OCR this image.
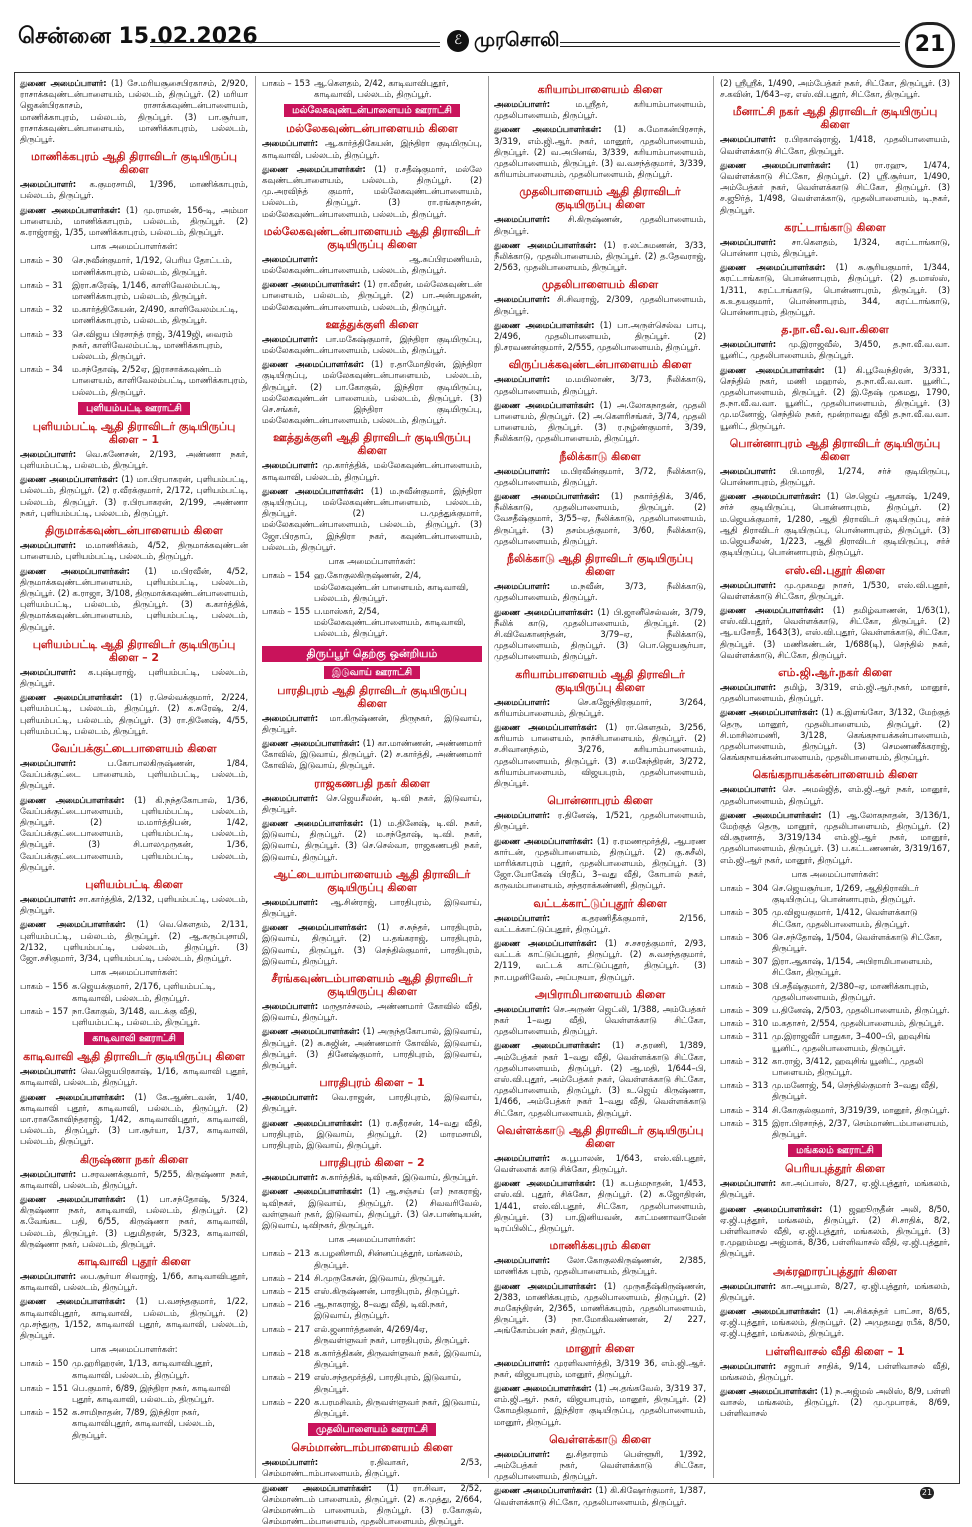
சென்னை 15.02.2026	ℰ முரசொலி	21

துணை அமைப்பாளர்: (1) சே.மரியசூசைபிரகாசம், 2/920, ராசாக்கவுண்டன்பாளையம், பல்லடம், திருப்பூர். (2) மரியா ஜெகன்பிரகாசம், ராசாக்கவுண்டன்பாளையம், மாணிக்காபுரம், பல்லடம், திருப்பூர். (3) பா.சூர்யா, ராசாக்கவுண்டன்பாளையம், மாணிக்காபுரம், பல்லடம், திருப்பூர்.

மாணிக்கபுரம் ஆதி திராவிடர் குடியிருப்பு கிளை

அமைப்பாளர்: க.குமரசாமி, 1/396, மாணிக்காபுரம், பல்லடம், திருப்பூர்.

துணை அமைப்பாளர்கள்: (1) மு.ராமன், 156-டி, அம்மா பாளையம், மாணிக்காபுரம், பல்லடம், திருப்பூர். (2) க.ராஜ்ராஜ், 1/35, மாணிக்காபுரம், பல்லடம், திருப்பூர்.

பாக அமைப்பாளர்கள்:
பாகம் – 30	செ.நவீன்குமார், 1/192, பெரிய தோட்டம், மாணிக்காபுரம், பல்லடம், திருப்பூர்.
பாகம் – 31	இரா.சுரேஷ், 1/146, காளிவேலம்பட்டி, மாணிக்காபுரம், பல்லடம், திருப்பூர்.
பாகம் – 32	ம.கார்த்திகேயன், 2/490, காளிவேலம்பட்டி, மாணிக்காபுரம், பல்லடம், திருப்பூர்.
பாகம் – 33	செ.விஜய பிரசாந்த் ராஜ், 3/419ஜி, வைரம் நகர், காளிவேலம்பட்டி, மாணிக்காபுரம், பல்லடம், திருப்பூர்.
பாகம் – 34	ம.சந்தோஷ், 2/52ஏ, இராசாக்கவுண்டம் பாளையம், காளிவேலம்பட்டி, மாணிக்காபுரம், பல்லடம், திருப்பூர்.
புளியம்பட்டி ஊராட்சி
புளியம்பட்டி ஆதி திராவிடர் குடியிருப்பு கிளை – 1

அமைப்பாளர்: வெ.கணேசன், 2/193, அண்ணா நகர், புளியம்பட்டி, பல்லடம், திருப்பூர்.

துணை அமைப்பாளர்கள்: (1) மா.பிரபாகரன், புளியம்பட்டி, பல்லடம், திருப்பூர். (2) ர.வீரக்குமார், 2/172, புளியம்பட்டி, பல்லடம், திருப்பூர். (3) ர.பிரபாகரன், 2/199, அண்ணா நகர், புளியம்பட்டி, பல்லடம், திருப்பூர்.

திருமாக்கவுண்டன்பாளையம் கிளை

அமைப்பாளர்: ம.மாணிக்கம், 4/52, திருமாக்கவுண்டன் பாளையம், புளியம்பட்டி, பல்லடம், திருப்பூர்.

துணை அமைப்பாளர்கள்: (1) ம.பிரவீன், 4/52, திருமாக்கவுண்டன்பாளையம், புளியம்பட்டி, பல்லடம், திருப்பூர். (2) க.ராஜா, 3/108, திருமாக்கவுண்டன்பாளையம், புளியம்பட்டி, பல்லடம், திருப்பூர். (3) க.கார்த்திக், திருமாக்கவுண்டன்பாளையம், புளியம்பட்டி, பல்லடம், திருப்பூர்.

புளியம்பட்டி ஆதி திராவிடர் குடியிருப்பு கிளை – 2

அமைப்பாளர்: க.புஷ்பராஜ், புளியம்பட்டி, பல்லடம், திருப்பூர்.

துணை அமைப்பாளர்கள்: (1) ர.செல்வக்குமார், 2/224, புளியம்பட்டி, பல்லடம், திருப்பூர். (2) க.சுரேஷ், 2/4, புளியம்பட்டி, பல்லடம், திருப்பூர். (3) ரா.தினேஷ், 4/55, புளியம்பட்டி, பல்லடம், திருப்பூர்.

வேப்பக்குட்டைபாளையம் கிளை

அமைப்பாளர்:	ப.கோபாலகிருஷ்ணன், 1/84, வேப்பக்குட்டை பாளையம், புளியம்பட்டி, பல்லடம், திருப்பூர்.

துணை அமைப்பாளர்கள்: (1) கி.நந்தகோபால், 1/36, வேப்பக்குட்டைபாளையம், புளியம்பட்டி, பல்லடம், திருப்பூர். (2) ம.மார்த்திபன், 1/42, வேப்பக்குட்டைபாளையம், புளியம்பட்டி, பல்லடம், திருப்பூர். (3) சி.பாலமுருகன், 1/36, வேப்பக்குட்டைபாளையம், புளியம்பட்டி, பல்லடம், திருப்பூர்.

புளியம்பட்டி கிளை

அமைப்பாளர்: சா.கார்த்திக், 2/132, புளியம்பட்டி, பல்லடம், திருப்பூர்.

துணை அமைப்பாளர்கள்: (1) வெ.கௌதம், 2/131, புளியம்பட்டி, பல்லடம், திருப்பூர். (2) ஆ.கருப்புசாமி, 2/132, புளியம்பட்டி, பல்லடம், திருப்பூர். (3) ஜோ.சசிகுமார், 3/34, புளியம்பட்டி, பல்லடம், திருப்பூர்.

பாக அமைப்பாளர்கள்:
பாகம் – 156 க.ஜெயக்குமார், 2/176, புளியம்பட்டி, காடிவாவி, பல்லடம், திருப்பூர்.
பாகம் – 157 நா.கோகுல், 3/148, வடக்கு வீதி, புளியம்பட்டி, பல்லடம், திருப்பூர்.
காடிவாவி ஊராட்சி
காடிவாவி ஆதி திராவிடர் குடியிருப்பு கிளை

அமைப்பாளர்: வெ.ஜெயபிரகாஷ், 1/16, காடிவாவி புதூர், காடிவாவி, பல்லடம், திருப்பூர்.

துணை அமைப்பாளர்கள்: (1) கே.ஆண்டவன், 1/40, காடிவாவி புதூர், காடிவாவி, பல்லடம், திருப்பூர். (2) மா.ராசுகோவிந்தராஜ், 1/42, காடிவாவிபுதூர், காடிவாவி, பல்லடம், திருப்பூர். (3) பா.சூர்யா, 1/37, காடிவாவி, பல்லடம், திருப்பூர்.

கிருஷ்ணா நகர் கிளை

அமைப்பாளர்: ப.சரவணக்குமார், 5/255, கிருஷ்ணா நகர், காடிவாவி, பல்லடம், திருப்பூர்.

துணை அமைப்பாளர்கள்: (1) பா.சந்தோஷ், 5/324, கிருஷ்ணா நகர், காடிவாவி, பல்லடம், திருப்பூர். (2) க.வேங்கட பதி, 6/55, கிருஷ்ணா நகர், காடிவாவி, பல்லடம், திருப்பூர். (3) பதுமிதரன், 5/323, காடிவாவி, கிருஷ்ணா நகர், பல்லடம், திருப்பூர்.

காடிவாவி புதூர் கிளை

அமைப்பாளர்: பை.சூர்யா சிவராஜ், 1/66, காடிவாவிபுதூர், காடிவாவி, பல்லடம், திருப்பூர்.

துணை அமைப்பாளர்கள்: (1) ப.வசந்தகுமார், 1/22, காடிவாவிபுதூர், காடிவாவி, பல்லடம், திருப்பூர். (2) மு.சந்துரு, 1/152, காடிவாவி புதூர், காடிவாவி, பல்லடம், திருப்பூர்.

பாக அமைப்பாளர்கள்:
பாகம் – 150 மு.ஹரிஹரன், 1/13, காடிவாவிபுதூர், காடிவாவி, பல்லடம், திருப்பூர்.
பாகம் – 151 பெ.குமார், 6/89, இந்திரா நகர், காடிவாவி புதூர், காடிவாவி, பல்லடம், திருப்பூர்.
பாகம் – 152 க.சாமிநாதன், 7/89, இந்திரா நகர், காடிவாவிபுதூர், காடிவாவி, பல்லடம், திருப்பூர்.
பாகம் – 153 ஆ.கௌதம், 2/42, காடிவாவிபுதூர், காடிவாவி, பல்லடம், திருப்பூர்.
மல்லேகவுண்டன்பாளையம் ஊராட்சி
மல்லேகவுண்டன்பாளையம் கிளை

அமைப்பாளர்: ஆ.கார்த்திகேயன், இந்திரா குடியிருப்பு, காடிவாவி, பல்லடம், திருப்பூர்.

துணை அமைப்பாளர்கள்: (1) ர.சதீஷ்குமார், மல்லே கவுண்டன்பாளையம், பல்லடம், திருப்பூர். (2) மு.அரவிந்த் குமார், மல்லேகவுண்டன்பாளையம், பல்லடம், திருப்பூர். (3) ரா.ரங்கநாதன், மல்லேகவுண்டன்பாளையம், பல்லடம், திருப்பூர்.

மல்லேகவுண்டன்பாளையம் ஆதி திராவிடர் குடியிருப்பு கிளை

அமைப்பாளர்:	ஆ.சுப்பிரமணியம், மல்லேகவுண்டன்பாளையம், பல்லடம், திருப்பூர்.

துணை அமைப்பாளர்கள்: (1) ரா.வீரன், மல்லேகவுண்டன் பாளையம், பல்லடம், திருப்பூர். (2) பா.அன்பழகன், மல்லேகவுண்டன்பாளையம், பல்லடம், திருப்பூர்.

ஊத்துக்குளி கிளை

அமைப்பாளர்: பா.மகேஷ்குமார், இந்திரா குடியிருப்பு, மல்லேகவுண்டன்பாளையம், பல்லடம், திருப்பூர்.

துணை அமைப்பாளர்கள்: (1) ர.தாமோதிரன், இந்திரா குடியிருப்பு, மல்லேகவுண்டன்பாளையம், பல்லடம், திருப்பூர். (2) பா.கோகுல், இந்திரா குடியிருப்பு, மல்லேகவுண்டன் பாளையம், பல்லடம், திருப்பூர். (3) செ.சங்கர், இந்திரா குடியிருப்பு, மல்லேகவுண்டன்பாளையம், பல்லடம், திருப்பூர்.

ஊத்துக்குளி ஆதி திராவிடர் குடியிருப்பு கிளை

அமைப்பாளர்: மு.கார்த்திக், மல்லேகவுண்டன்பாளையம், காடிவாவி, பல்லடம், திருப்பூர்.

துணை அமைப்பாளர்கள்: (1) ம.நவீன்குமார், இந்திரா குடியிருப்பு, மல்லேகவுண்டன்பாளையம், பல்லடம், திருப்பூர். (2) ப.முத்துக்குமார், மல்லேகவுண்டன்பாளையம், பல்லடம், திருப்பூர். (3) ஜோ.பிரதாப், இந்திரா நகர், கவுண்டன்பாளையம், பல்லடம், திருப்பூர்.

பாக அமைப்பாளர்கள்:
பாகம் – 154 ஹ.கோகுலகிருஷ்ணன், 2/4, மல்லேகவுண்டன் பாளையம், காடிவாவி, பல்லடம், திருப்பூர்.
பாகம் – 155 ப.மாஸ்கர், 2/54, மல்லேகவுண்டன்பாளையம், காடிவாவி, பல்லடம், திருப்பூர்.
திருப்பூர் தெற்கு ஒன்றியம்
இடுவாய் ஊராட்சி
பாரதிபுரம் ஆதி திராவிடர் குடியிருப்பு கிளை

அமைப்பாளர்: மா.கிருஷ்ணன், திருநகர், இடுவாய், திருப்பூர்.

துணை அமைப்பாளர்கள்: (1) கா.மாண்ணன், அண்ணமார் கோவில், இடுவாய், திருப்பூர். (2) ச.கார்த்தி, அண்ணமார் கோவில், இடுவாய், திருப்பூர்.

ராஜகணபதி நகர் கிளை

அமைப்பாளர்: செ.ஜெயசீலன், டி.வி நகர், இடுவாய், திருப்பூர்.

துணை அமைப்பாளர்கள்: (1) ம.தினேஷ், டி.வி. நகர், இடுவாய், திருப்பூர். (2) ம.சந்தோஷ், டி.வி. நகர், இடுவாய், திருப்பூர். (3) செ.செல்வா, ராஜகணபதி நகர், இடுவாய், திருப்பூர்.

ஆட்டையாம்பாளையம் ஆதி திராவிடர் குடியிருப்பு கிளை

அமைப்பாளர்: ஆ.சின்ராஜ், பாரதிபுரம், இடுவாய், திருப்பூர்.

துணை அமைப்பாளர்கள்: (1) ச.சுந்தர், பாரதிபுரம், இடுவாய், திருப்பூர். (2) ப.தங்கராஜ், பாரதிபுரம், இடுவாய், திருப்பூர். (3) செந்தில்குமார், பாரதிபுரம், இடுவாய், திருப்பூர்.

சீரங்கவுண்டம்பாளையம் ஆதி திராவிடர் குடியிருப்பு கிளை

அமைப்பாளர்: மருதாச்சலம், அண்ணமார் கோவில் வீதி, இடுவாய், திருப்பூர்.

துணை அமைப்பாளர்கள்: (1) அருந்தகோபால், இடுவாய், திருப்பூர். (2) சு.சுஜின், அண்ணமார் கோவில், இடுவாய், திருப்பூர். (3) தினேஷ்குமார், பாரதிபுரம், இடுவாய், திருப்பூர்.

பாரதிபுரம் கிளை – 1

அமைப்பாளர்: வெ.ராஜன், பாரதிபுரம், இடுவாய், திருப்பூர்.

துணை அமைப்பாளர்கள்: (1) ர.சுதீரசன், 14–வது வீதி, பாரதிபுரம், இடுவாய், திருப்பூர். (2) மாரமசாமி, பாரதிபுரம், இடுவாய், திருப்பூர்.

பாரதிபுரம் கிளை – 2

அமைப்பாளர்: சு.கார்த்திக், டிவிநகர், இடுவாய், திருப்பூர்.

துணை அமைப்பாளர்கள்: (1) ஆ.சஞ்சய் (எ) நாகராஜ், டிவிநகர், இடுவாய், திருப்பூர். (2) சிவவரிவேல், வள்ளுவர் நகர், இடுவாய், திருப்பூர். (3) செ.பாண்டியன், இடுவாய், டிவிநகர், திருப்பூர்.

பாக அமைப்பாளர்கள்:
பாகம் – 213 க.பழனிசாமி, சின்னப்புத்தூர், மங்கலம், திருப்பூர்.
பாகம் – 214 சி.முருகேசன், இடுவாய், திருப்பூர்.
பாகம் – 215 எஸ்.கிருஷ்ணன், பாரதிபுரம், திருப்பூர்.
பாகம் – 216 ஆ.நாகராஜ், 8–வது வீதி, டிவி.நகர், இடுவாய், திருப்பூர்.
பாகம் – 217 எல்.ஜனார்த்தனன், 4/269/4ஏ, திருவள்ளுவர் நகர், பாரதிபுரம், திருப்பூர்.
பாகம் – 218 க.கார்த்திகன், திருவள்ளுவர் நகர், இடுவாய், திருப்பூர்.
பாகம் – 219 எஸ்.சந்தமூர்த்தி, பாரதிபுரம், இடுவாய், திருப்பூர்.
பாகம் – 220 க.பரமசிவம், திருவள்ளுவர் நகர், இடுவாய், திருப்பூர்.
முதலிபாளையம் ஊராட்சி
செம்மாண்டாம்பாளையம் கிளை

அமைப்பாளர்:	ர.திவாகர், 2/53, செம்மாண்டாம்பாளையம், திருப்பூர்.

துணை அமைப்பாளர்கள்: (1) ரா.சிவா, 2/52, செம்மாண்டம் பாளையம், திருப்பூர். (2) க.முத்து, 2/664, செம்மாண்டம் பாளையம், திருப்பூர். (3) ர.கோகுல், செம்மாண்டம்பாளையம், முதலிபாளையம், திருப்பூர்.

கரியாம்பாளையம் கிளை

அமைப்பாளர்:	ம.ஸ்ரீதர், கரியாம்பாளையம், முதலிபாளையம், திருப்பூர்.

துணை அமைப்பாளர்கள்: (1) சு.மோகன்பிரசாந், 3/319, எம்.ஜி.ஆர். நகர், மானூர், முதலிபாளையம், திருப்பூர். (2) வ.அபினவ், 3/339, கரியாம்பாளையம், முதலிபாளையம், திருப்பூர். (3) வ.வசந்த்குமார், 3/339, கரியாம்பாளையம், முதலிபாளையம், திருப்பூர்.

முதலிபாளையம் ஆதி திராவிடர் குடியிருப்பு கிளை

அமைப்பாளர்: சி.கிருஷ்ணன், முதலிபாளையம், திருப்பூர்.

துணை அமைப்பாளர்கள்: (1) ர.லட்சுமணன், 3/33, நீலிக்காடு, முதலிபாளையம், திருப்பூர். (2) த.தேவராஜ், 2/563, முதலிபாளையம், திருப்பூர்.

முதலிபாளையம் கிளை

அமைப்பாளர்: சி.சிவராஜ், 2/309, முதலிபாளையம், திருப்பூர்.

துணை அமைப்பாளர்கள்: (1) பா.அருள்செல்வ பாபு, 2/496, முதலிபாளையம், திருப்பூர். (2) நி.சரவணன்குமார், 2/555, முதலிபாளையம், திருப்பூர்.

விருப்பக்கவுண்டன்பாளையம் கிளை

அமைப்பாளர்: ம.மயிலாண், 3/73, நீலிக்காடு, முதலிபாளையம், திருப்பூர்.

துணை அமைப்பாளர்கள்: (1) அ.லோகநாதன், முதலி பாளையம், திருப்பூர். (2) அ.கௌரிசங்கர், 3/74, முதலி பாளையம், திருப்பூர். (3) ர.நழ்ண்குமார், 3/39, நீலிக்காடு, முதலிபாளையம், திருப்பூர்.

நீலிக்காடு கிளை

அமைப்பாளர்: ம.பிரவீன்குமார், 3/72, நீலிக்காடு, முதலிபாளையம், திருப்பூர்.

துணை அமைப்பாளர்கள்: (1) நகார்த்திக், 3/46, நீலிக்காடு, முதலிபாளையம், திருப்பூர். (2) வேசதீஷ்குமார், 3/55–ஏ, நீலிக்காடு, முதலிபாளையம், திருப்பூர். (3) தசம்பத்குமார், 3/60, நீலிக்காடு, முதலிபாளையம், திருப்பூர்.

நீலிக்காடு ஆதி திராவிடர் குடியிருப்பு கிளை

அமைப்பாளர்: ம.நவீன், 3/73, நீலிக்காடு, முதலிபாளையம், திருப்பூர்.

துணை அமைப்பாளர்கள்: (1) பி.ஜானீசெல்வன், 3/79, நீலிக் காடு, முதலிபாளையம், திருப்பூர். (2) சி.விவேகானந்தன், 3/79–ஏ, நீலிக்காடு, முதலிபாளையம், திருப்பூர். (3) பொ.ஜெயசூர்யா, முதலிபாளையம், திருப்பூர்.

கரியாம்பாளையம் ஆதி திராவிடர் குடியிருப்பு கிளை

அமைப்பாளர்:	செ.கஜேந்திரகுமார், 3/264, கரியாம்பாளையம், திருப்பூர்.

துணை அமைப்பாளர்கள்: (1) ரா.கௌதம், 3/256, கரியாம் பாளையம், நாச்சிபாளையம், திருப்பூர். (2) ச.சிவானந்தம், 3/276, கரியாம்பாளையம், முதலிபாளையம், திருப்பூர். (3) ச.மகேந்திரன், 3/272, கரியாம்பாளையம், விஜயபுரம், முதலிபாளையம், திருப்பூர்.

பொன்னாபுரம் கிளை

அமைப்பாளர்: ர.தினேஷ், 1/521, முதலிபாளையம், திருப்பூர்.

துணை அமைப்பாளர்கள்: (1) ர.ரமணமூர்த்தி, ஆபரண கார்டன், முதலிபாளையம், திருப்பூர். (2) கு.சுசீலி, மாரிக்காபுரம் புதூர், முதலிபாளையம், திருப்பூர். (3) ஜோ.யோகேஷ் பிரதீப், 3–வது வீதி, கோபால் நகர், கருவம்பாளையம், சந்தராக்கண்ணி, திருப்பூர்.

வட்டக்காட்டுப்புதூர் கிளை

அமைப்பாளர்:	க.தரணிதீக்குமார், 2/156, வட்டக்காட்டுப்புதூர், திருப்பூர்.

துணை அமைப்பாளர்கள்: (1) ச.சசரத்குமார், 2/93, வட்டக் காட்டுப்புதூர், திருப்பூர். (2) சு.வசந்தகுமார், 2/119, வட்டக் காட்டுப்புதூர், திருப்பூர். (3) நா.பழனிவேல், அப்பநயா, திருப்பூர்.

அபிராமிபாளையம் கிளை

அமைப்பாளர்: செ.அருண் ஜெட்லி, 1/388, அம்பேத்கர் நகர் 1–வது வீதி, வெள்ளக்காடு சிட்கோ, முதலிபாளையம், திருப்பூர்.

துணை அமைப்பாளர்கள்: (1) ச.தரணி, 1/389, அம்பேத்கர் நகர் 1–வது வீதி, வெள்ளக்காடு சிட்கோ, முதலிபாளையம், திருப்பூர். (2) ஆ.மதி, 1/644–பி, எஸ்.வி.புதூர், அம்பேத்கர் நகர், வெள்ளக்காடு சிட்கோ, முதலிபாளையம், திருப்பூர். (3) உ.ஜெய் கிருஷ்ணா, 1/466, அம்பேத்கர் நகர் 1–வது வீதி, வெள்ளக்காடு சிட்கோ, முதலிபாளையம், திருப்பூர்.

வெள்ளக்காடு ஆதி திராவிடர் குடியிருப்பு கிளை

அமைப்பாளர்: சு.பூபாலன், 1/643, எஸ்.வி.புதூர், வெள்ளைக் காடு சிக்கோ, திருப்பூர்.

துணை அமைப்பாளர்கள்: (1) க.பத்மநாதன், 1/453, எஸ்.வி. புதூர், சிக்கோ, திருப்பூர். (2) க.ஜோதிரன், 1/441, எஸ்.வி.புதூர், சிட்கோ, முதலிபாளையம், திருப்பூர். (3) பா.இனியவன், காட்மணாவாமேன் டிரப்பிலிட், திருப்பூர்.

மாணிக்கபுரம் கிளை

அமைப்பாளர்: லோ.கோகுலகிருஷ்ணன், 2/385, மாணிக்க புரம், முதலிபாளையம், திருப்பூர்.

துணை அமைப்பாளர்கள்: (1) முருகதீஷ்கிருஷ்ணன், 2/383, மாணிக்கபுரம், முதலிபாளையம், திருப்பூர். (2) சமகேந்திரன், 2/365, மாணிக்கபுரம், முதலிபாளையம், திருப்பூர். (3) நா.மோகிவண்ணன், 2/ 227, அங்கோம்பன் நகர், திருப்பூர்.

மானூர் கிளை

அமைப்பாளர்: முரளிவளர்த்தி, 3/319 36, எம்.ஜி.ஆர். நகர், விஜயாபுரம், மானூர், திருப்பூர்.

துணை அமைப்பாளர்கள்: (1) அ.தங்கவேல், 3/319 37, எம்.ஜி.ஆர். நகர், விஜயாபுரம், மானூர், திருப்பூர். (2) கோமதிகுமார், இந்திரா குடியிருப்பு, முதலிபாளையம், மானூர், திருப்பூர்.

வெள்ளக்காடு கிளை

அமைப்பாளர்: து.சிதாராம் பெள்ளூரி, 1/392, அம்பேத்கர் நகர், வெள்ளக்காடு சிட்கோ, முதலிபாளையம், திருப்பூர்.

துணை அமைப்பாளர்கள்: (1) கி.கிஷோர்குமார், 1/387, வெள்ளக்காடு சிட்கோ, முதலிபாளையம், திருப்பூர்.

(2) ஸ்ரீஸ்ரீக், 1/490, அம்பேத்கர் நகர், சிட்கோ, திருப்பூர். (3) ச.கவின், 1/643–ஏ, எஸ்.வி.புதூர், சிட்கோ, திருப்பூர்.

மீனாட்சி நகர் ஆதி திராவிடர் குடியிருப்பு கிளை

அமைப்பாளர்: ர.பிரகாஷ்ராஜ், 1/418, முதலிபாளையம், வெள்ளக்காடு சிட்கோ, திருப்பூர்.

துணை அமைப்பாளர்கள்: (1) ரா.ரஹு, 1/474, வெள்ளக்காடு சிட்கோ, திருப்பூர். (2) ஸ்ரீ.சூர்யா, 1/490, அம்பேத்கர் நகர், வெள்ளக்காடு சிட்கோ, திருப்பூர். (3) ச.ஜூர்த், 1/498, வெள்ளக்காடு, முதலிபாளையம், டி.நகர், திருப்பூர்.

கரட்டாங்காடு கிளை

அமைப்பாளர்: சா.கௌதம், 1/324, கரட்டாங்காடு, பொன்னா புரம், திருப்பூர்.

துணை அமைப்பாளர்கள்: (1) சு.சூரியகுமார், 1/344, கரட்டாங்காடு, பொன்னாபுரம், திருப்பூர். (2) த.மாஸ்ஸ், 1/311, கரட்டாங்காடு, பொன்னாபுரம், திருப்பூர். (3) க.உதயகுமார், பொன்னாபுரம், 344, கரட்டாங்காடு, பொன்னாபுரம், திருப்பூர்.

த.நா.வீ.வ.வா.கிளை

அமைப்பாளர்: மு.இராஜவீல், 3/450, த.நா.வீ.வ.வா. யூனிட், முதலிபாளையம், திருப்பூர்.

துணை அமைப்பாளர்கள்: (1) கி.பூவேந்திரன், 3/331, செந்தில் நகர், மணி மஹால், த.நா.வீ.வ.வா. யூனிட், முதலிபாளையம், திருப்பூர். (2) இ.தேஷ் முகமது, 1790, த.நா.வீ.வ.வா. யூனிட், முதலிபாளையம், திருப்பூர். (3) மு.மனோஜ், செந்தில் நகர், மூன்றாவது வீதி த.நா.வீ.வ.வா. யூனிட், திருப்பூர்.

பொன்னாபுரம் ஆதி திராவிடர் குடியிருப்பு கிளை

அமைப்பாளர்: பி.மாரதி, 1/274, சர்ச் குடியிருப்பு, பொன்னாபுரம், திருப்பூர்.

துணை அமைப்பாளர்கள்: (1) செ.ஜெய் ஆகாஷ், 1/249, சர்ச் குடியிருப்பு, பொன்னாபுரம், திருப்பூர். (2) ம.ஜெயக்குமார், 1/280, ஆதி திராவிடர் குடியிருப்பு, சர்ச் ஆதி திராவிடர் குடியிருப்பு, பொன்னாபுரம், திருப்பூர். (3) ம.ஜெயசீலன், 1/223, ஆதி திராவிடர் குடியிருப்பு, சர்ச் குடியிருப்பு, பொன்னாபுரம், திருப்பூர்.

எஸ்.வி.புதூர் கிளை

அமைப்பாளர்: மு.முகமது நாசர், 1/530, எஸ்.வி.புதூர், வெள்ளக்காடு சிட்கோ, திருப்பூர்.

துணை அமைப்பாளர்கள்: (1) தமிழ்வாணன், 1/63(1), எஸ்.வி.புதூர், வெள்ளக்காடு, சிட்கோ, திருப்பூர். (2) ஆ.யசோதீ, 1643(3), எஸ்.வி.புதூர், வெள்ளக்காடு, சிட்கோ, திருப்பூர். (3) மணிகண்டன், 1/688(டி), செந்தில் நகர், வெள்ளக்காடு, சிட்கோ, திருப்பூர்.

எம்.ஜி.ஆர்.நகர் கிளை

அமைப்பாளர்: தமிழ், 3/319, எம்.ஜி.ஆர்.நகர், மானூர், முதலிபாளையம், திருப்பூர்.

துணை அமைப்பாளர்கள்: (1) க.இளங்கோ, 3/132, மேற்குத் தெரு, மானூர், முதலிபாளையம், திருப்பூர். (2) சி.மாசிலாமணி, 3/128, கெங்கநாயக்கன்பாளையம், முதலிபாளையம், திருப்பூர். (3) செமணணீக்கராஜ், கெங்கநாயக்கன்பாளையம், முதலிபாளையம், திருப்பூர்.

கெங்கநாயக்கன்பாளையம் கிளை

அமைப்பாளர்: செ. அமல்ஜித், எம்.ஜி.ஆர் நகர், மானூர், முதலிபாளையம், திருப்பூர்.

துணை அமைப்பாளர்கள்: (1) ஆ.லோகநாதன், 3/136/1, மேற்குத் தெரு, மானூர், முதலிபாளையம், திருப்பூர். (2) வி.சூரனாத், 3/319/134 எம்.ஜி.ஆர் நகர், மானூர், முதலிபாளையம், திருப்பூர். (3) ப.கட்டணணன், 3/319/167, எம்.ஜி.ஆர் நகர், மானூர், திருப்பூர்.

பாக அமைப்பாளர்கள்:
பாகம் – 304 செ.ஜெயசூர்யா, 1/269, ஆதிதிராவிடர் குடியிருப்பு, பொன்னாபுரம், திருப்பூர்.
பாகம் – 305 மு.விஜயகுமார், 1/412, வெள்ளக்காடு சிட்கோ, முதலிபாளையம், திருப்பூர்.
பாகம் – 306 செ.சந்தோஷ், 1/504, வெள்ளக்காடு சிட்கோ, திருப்பூர்.
பாகம் – 307 இரா.ஆகாஷ், 1/154, அபிராமிபாளையம், சிட்கோ, திருப்பூர்.
பாகம் – 308 பி.சதீஷ்குமார், 2/380–ஏ, மாணிக்காபுரம், முதலிபாளையம், திருப்பூர்.
பாகம் – 309 ப.தினேஷ், 2/503, முதலிபாளையம், திருப்பூர்.
பாகம் – 310 ம.கதாசர், 2/554, முதலிபாளையம், திருப்பூர்.
பாகம் – 311 மு.இராஜவீர் பாதுகா, 3–400–பி, ஹவுசிங் யூனிட், முதலிபாளையம், திருப்பூர்.
பாகம் – 312 கா.ராஜ், 3/412, ஹவுசிங் யூனிட், முதலி பாளையம், திருப்பூர்.
பாகம் – 313 மு.மனோஜ், 54, செந்தில்குமார் 3–வது வீதி, திருப்பூர்.
பாகம் – 314 சி.கோகுல்குமார், 3/319/39, மானூர், திருப்பூர்.
பாகம் – 315 இரா.பிரசாந்த், 2/37, செம்மாண்டம்பாளையம், திருப்பூர்.
மங்கலம் ஊராட்சி
பெரியபுத்தூர் கிளை

அமைப்பாளர்: கா.அப்பாஸ், 8/27, ஏ.ஜி.புத்தூர், மங்கலம், திருப்பூர்.

துணை அமைப்பாளர்கள்: (1) ஜஹூருதீன் அலி, 8/50, ஏ.ஜி.புத்தூர், மங்கலம், திருப்பூர். (2) சி.சாதிக், 8/2, பள்ளிவாசல் வீதி, ஏ.ஜி.புத்தூர், மங்கலம், திருப்பூர். (3) ர.முஹம்மது அஜ்மாக், 8/36, பள்ளிவாசல் வீதி, ஏ.ஜி.புத்தூர், திருப்பூர்.

அக்ரஹாரப்புத்தூர் கிளை

அமைப்பாளர்: கா.அபூபால், 8/27, ஏ.ஜி.புத்தூர், மங்கலம், திருப்பூர்.

துணை அமைப்பாளர்கள்: (1) அ.சிக்கந்தர் பாட்சா, 8/65, ஏ.ஜி.புத்தூர், மங்கலம், திருப்பூர். (2) அமுதமது ரபீக், 8/50, ஏ.ஜி.புத்தூர், மங்கலம், திருப்பூர்.

பள்ளிவாசல் வீதி கிளை – 1

அமைப்பாளர்: சஜாபர் சாதிக், 9/14, பள்ளிவாசல் வீதி, மங்கலம், திருப்பூர்.

துணை அமைப்பாளர்கள்: (1) ந.அஜ்மல் அலிஸ், 8/9, பள்ளி வாசல், மங்கலம், திருப்பூர். (2) மு.முபாரக், 8/69, பள்ளிவாசல்

21
